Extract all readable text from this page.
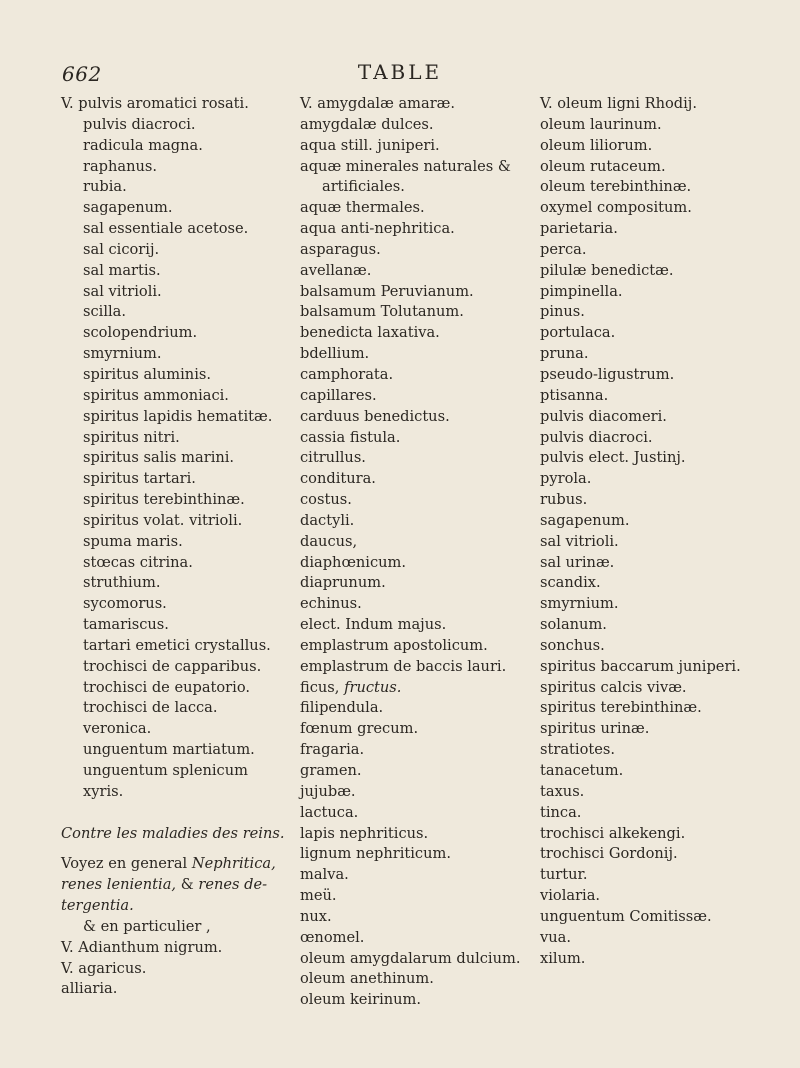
662	TABLE
V. pulvis aromatici rosati.
pulvis diacroci.
radicula magna.
raphanus.
rubia.
sagapenum.
sal essentiale acetose.
sal cicorij.
sal martis.
sal vitrioli.
scilla.
scolopendrium.
smyrnium.
spiritus aluminis.
spiritus ammoniaci.
spiritus lapidis hematitæ.
spiritus nitri.
spiritus salis marini.
spiritus tartari.
spiritus terebinthinæ.
spiritus volat. vitrioli.
spuma maris.
stœcas citrina.
struthium.
sycomorus.
tamariscus.
tartari emetici crystallus.
trochisci de capparibus.
trochisci de eupatorio.
trochisci de lacca.
veronica.
unguentum martiatum.
unguentum splenicum
xyris.
Contre les maladies des reins.
Voyez en general Nephritica,
renes lenientia, & renes de-
tergentia.
& en particulier ,
V. Adianthum nigrum.
V. agaricus.
alliaria.
V. amygdalæ amaræ.
amygdalæ dulces.
aqua still. juniperi.
aquæ minerales naturales &
artificiales.
aquæ thermales.
aqua anti-nephritica.
asparagus.
avellanæ.
balsamum Peruvianum.
balsamum Tolutanum.
benedicta laxativa.
bdellium.
camphorata.
capillares.
carduus benedictus.
cassia fistula.
citrullus.
conditura.
costus.
dactyli.
daucus,
diaphœnicum.
diaprunum.
echinus.
elect. Indum majus.
emplastrum apostolicum.
emplastrum de baccis lauri.
ficus, fructus.
filipendula.
fœnum grecum.
fragaria.
gramen.
jujubæ.
lactuca.
lapis nephriticus.
lignum nephriticum.
malva.
meü.
nux.
œnomel.
oleum amygdalarum dulcium.
oleum anethinum.
oleum keirinum.
V. oleum ligni Rhodij.
oleum laurinum.
oleum liliorum.
oleum rutaceum.
oleum terebinthinæ.
oxymel compositum.
parietaria.
perca.
pilulæ benedictæ.
pimpinella.
pinus.
portulaca.
pruna.
pseudo-ligustrum.
ptisanna.
pulvis diacomeri.
pulvis diacroci.
pulvis elect. Justinj.
pyrola.
rubus.
sagapenum.
sal vitrioli.
sal urinæ.
scandix.
smyrnium.
solanum.
sonchus.
spiritus baccarum juniperi.
spiritus calcis vivæ.
spiritus terebinthinæ.
spiritus urinæ.
stratiotes.
tanacetum.
taxus.
tinca.
trochisci alkekengi.
trochisci Gordonij.
turtur.
violaria.
unguentum Comitissæ.
vua.
xilum.
